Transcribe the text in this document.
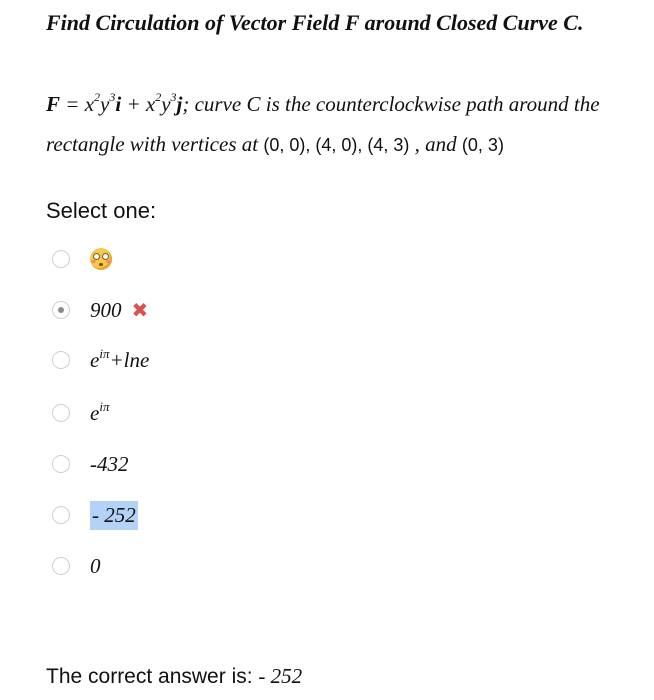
Find Circulation of Vector Field F around Closed Curve C.
$F = x^2y^3i + x^2y^3j$; curve C is the counterclockwise path around the rectangle with vertices at (0, 0), (4, 0), (4, 3) , and (0, 3)
Select one:
900 ✖
$e^{i\pi}+\ln e$
$e^{i\pi}$
-432
- 252
0
The correct answer is: - 252
